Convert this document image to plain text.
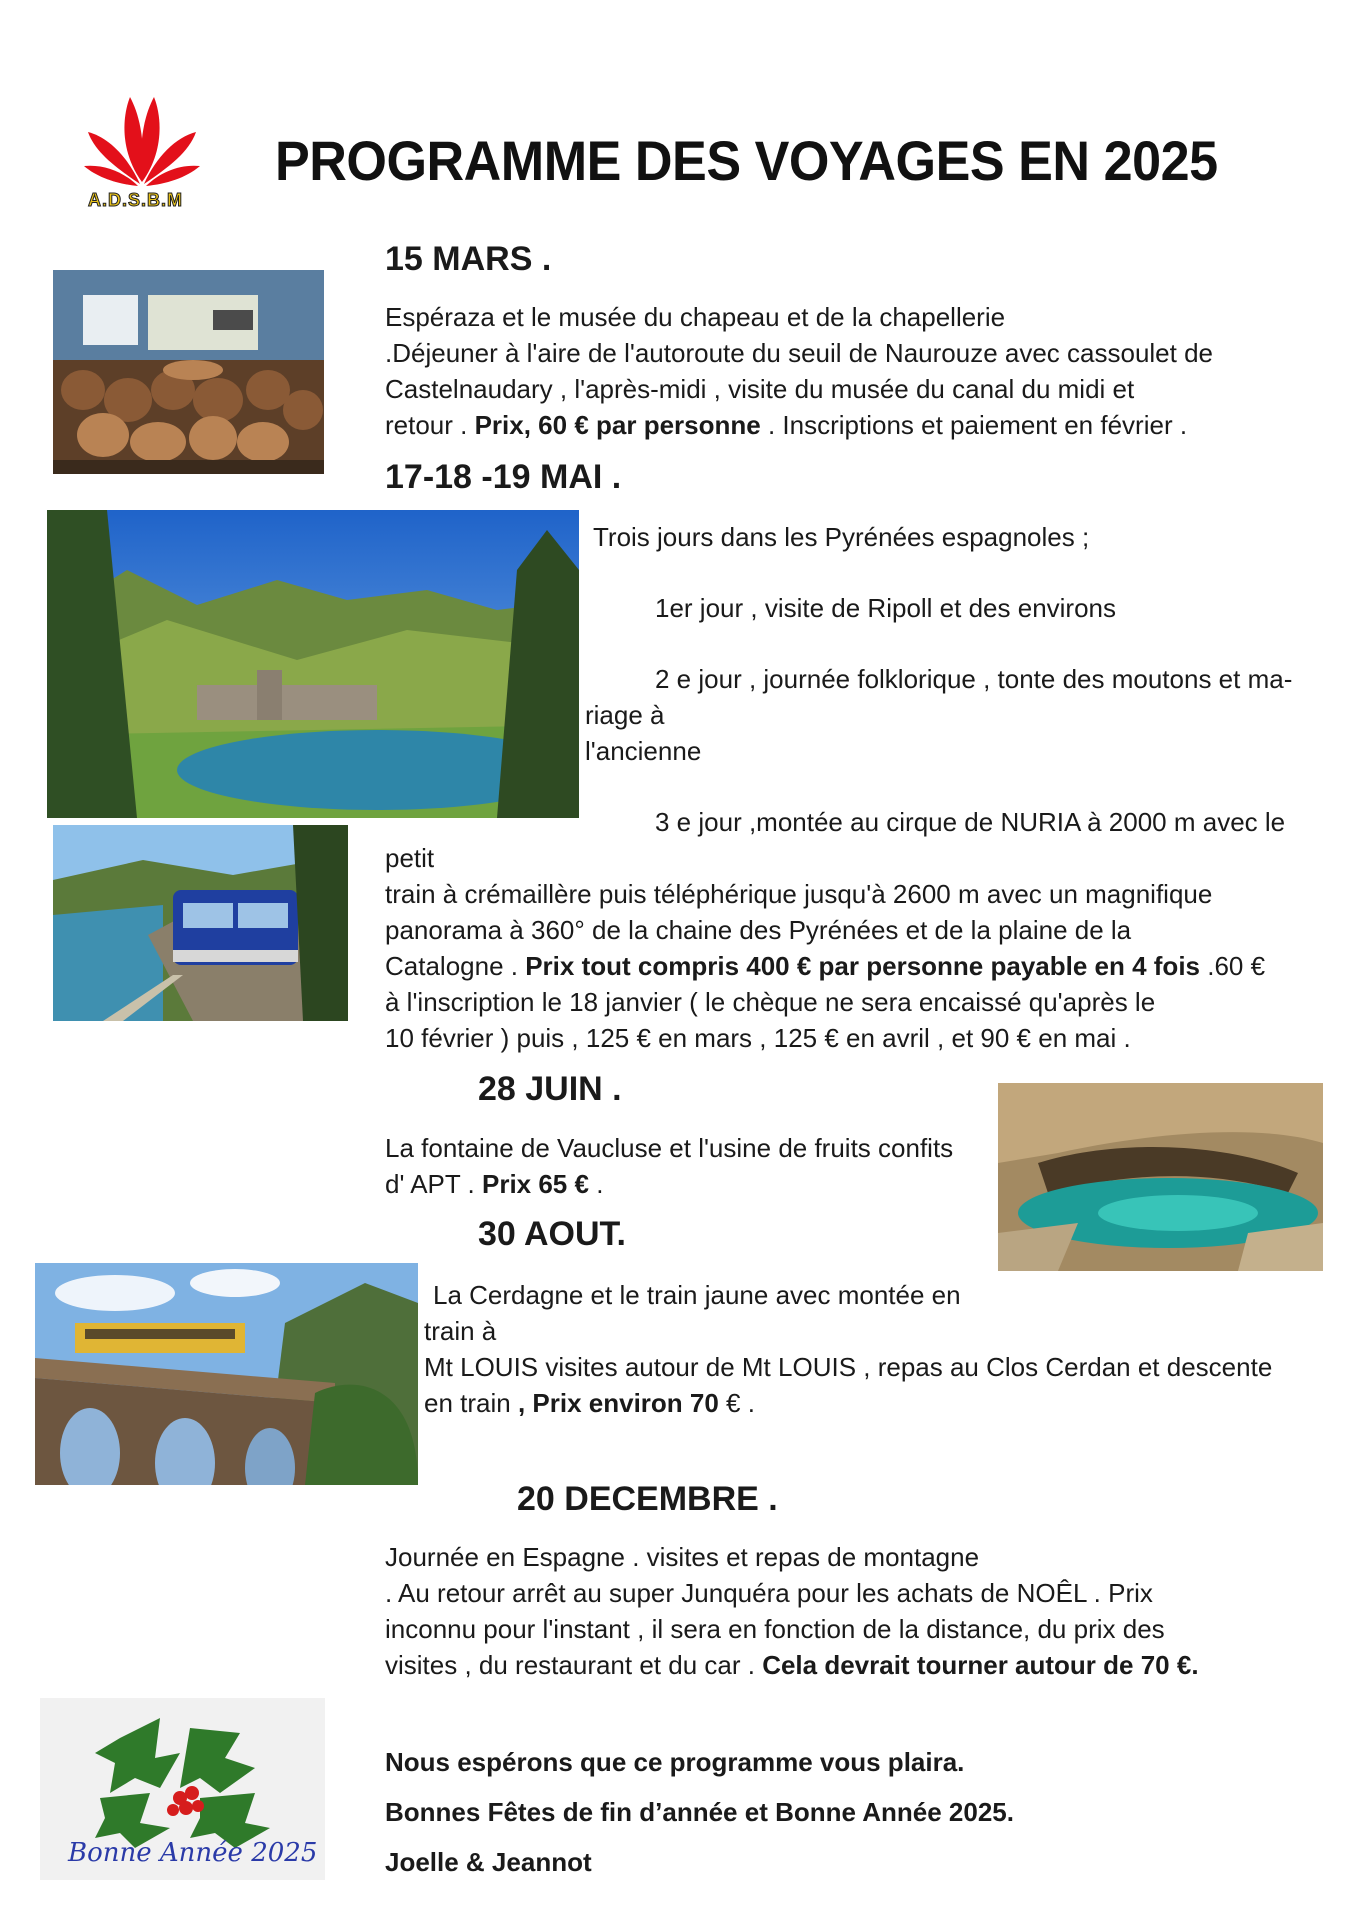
A.D.S.B.M
PROGRAMME DES VOYAGES EN 2025
15 MARS .
Espéraza et le musée du chapeau et de la chapellerie
.Déjeuner à l'aire de l'autoroute du seuil de Naurouze avec cassoulet de
Castelnaudary , l'après-midi , visite du musée du canal du midi et
retour . Prix, 60 € par personne . Inscriptions et paiement en février .
17-18 -19 MAI .
Trois jours dans les Pyrénées espagnoles ;
1er jour , visite de Ripoll et des environs
2 e jour , journée folklorique , tonte des moutons et ma-
riage à
l'ancienne
3 e jour ,montée au cirque de NURIA à 2000 m avec le
petit
train à crémaillère puis téléphérique jusqu'à 2600 m avec un magnifique
panorama à 360° de la chaine des Pyrénées et de la plaine de la
Catalogne . Prix tout compris 400 € par personne payable en 4 fois .60 €
à l'inscription le 18 janvier ( le chèque ne sera encaissé qu'après le
10 février ) puis , 125 € en mars , 125 € en avril , et 90 € en mai .
28 JUIN .
La fontaine de Vaucluse et l'usine de fruits confits
d' APT . Prix 65 € .
30 AOUT.
La Cerdagne et le train jaune avec montée en
train à
Mt LOUIS visites autour de Mt LOUIS , repas au Clos Cerdan et descente
en train , Prix environ 70 € .
20 DECEMBRE .
Journée en Espagne . visites et repas de montagne
. Au retour arrêt au super Junquéra pour les achats de NOÊL . Prix
inconnu pour l'instant , il sera en fonction de la distance, du prix des
visites , du restaurant et du car . Cela devrait tourner autour de 70 €.
Bonne Année 2025
Nous espérons que ce programme vous plaira.
Bonnes Fêtes de fin d’année et Bonne Année 2025.
Joelle & Jeannot
